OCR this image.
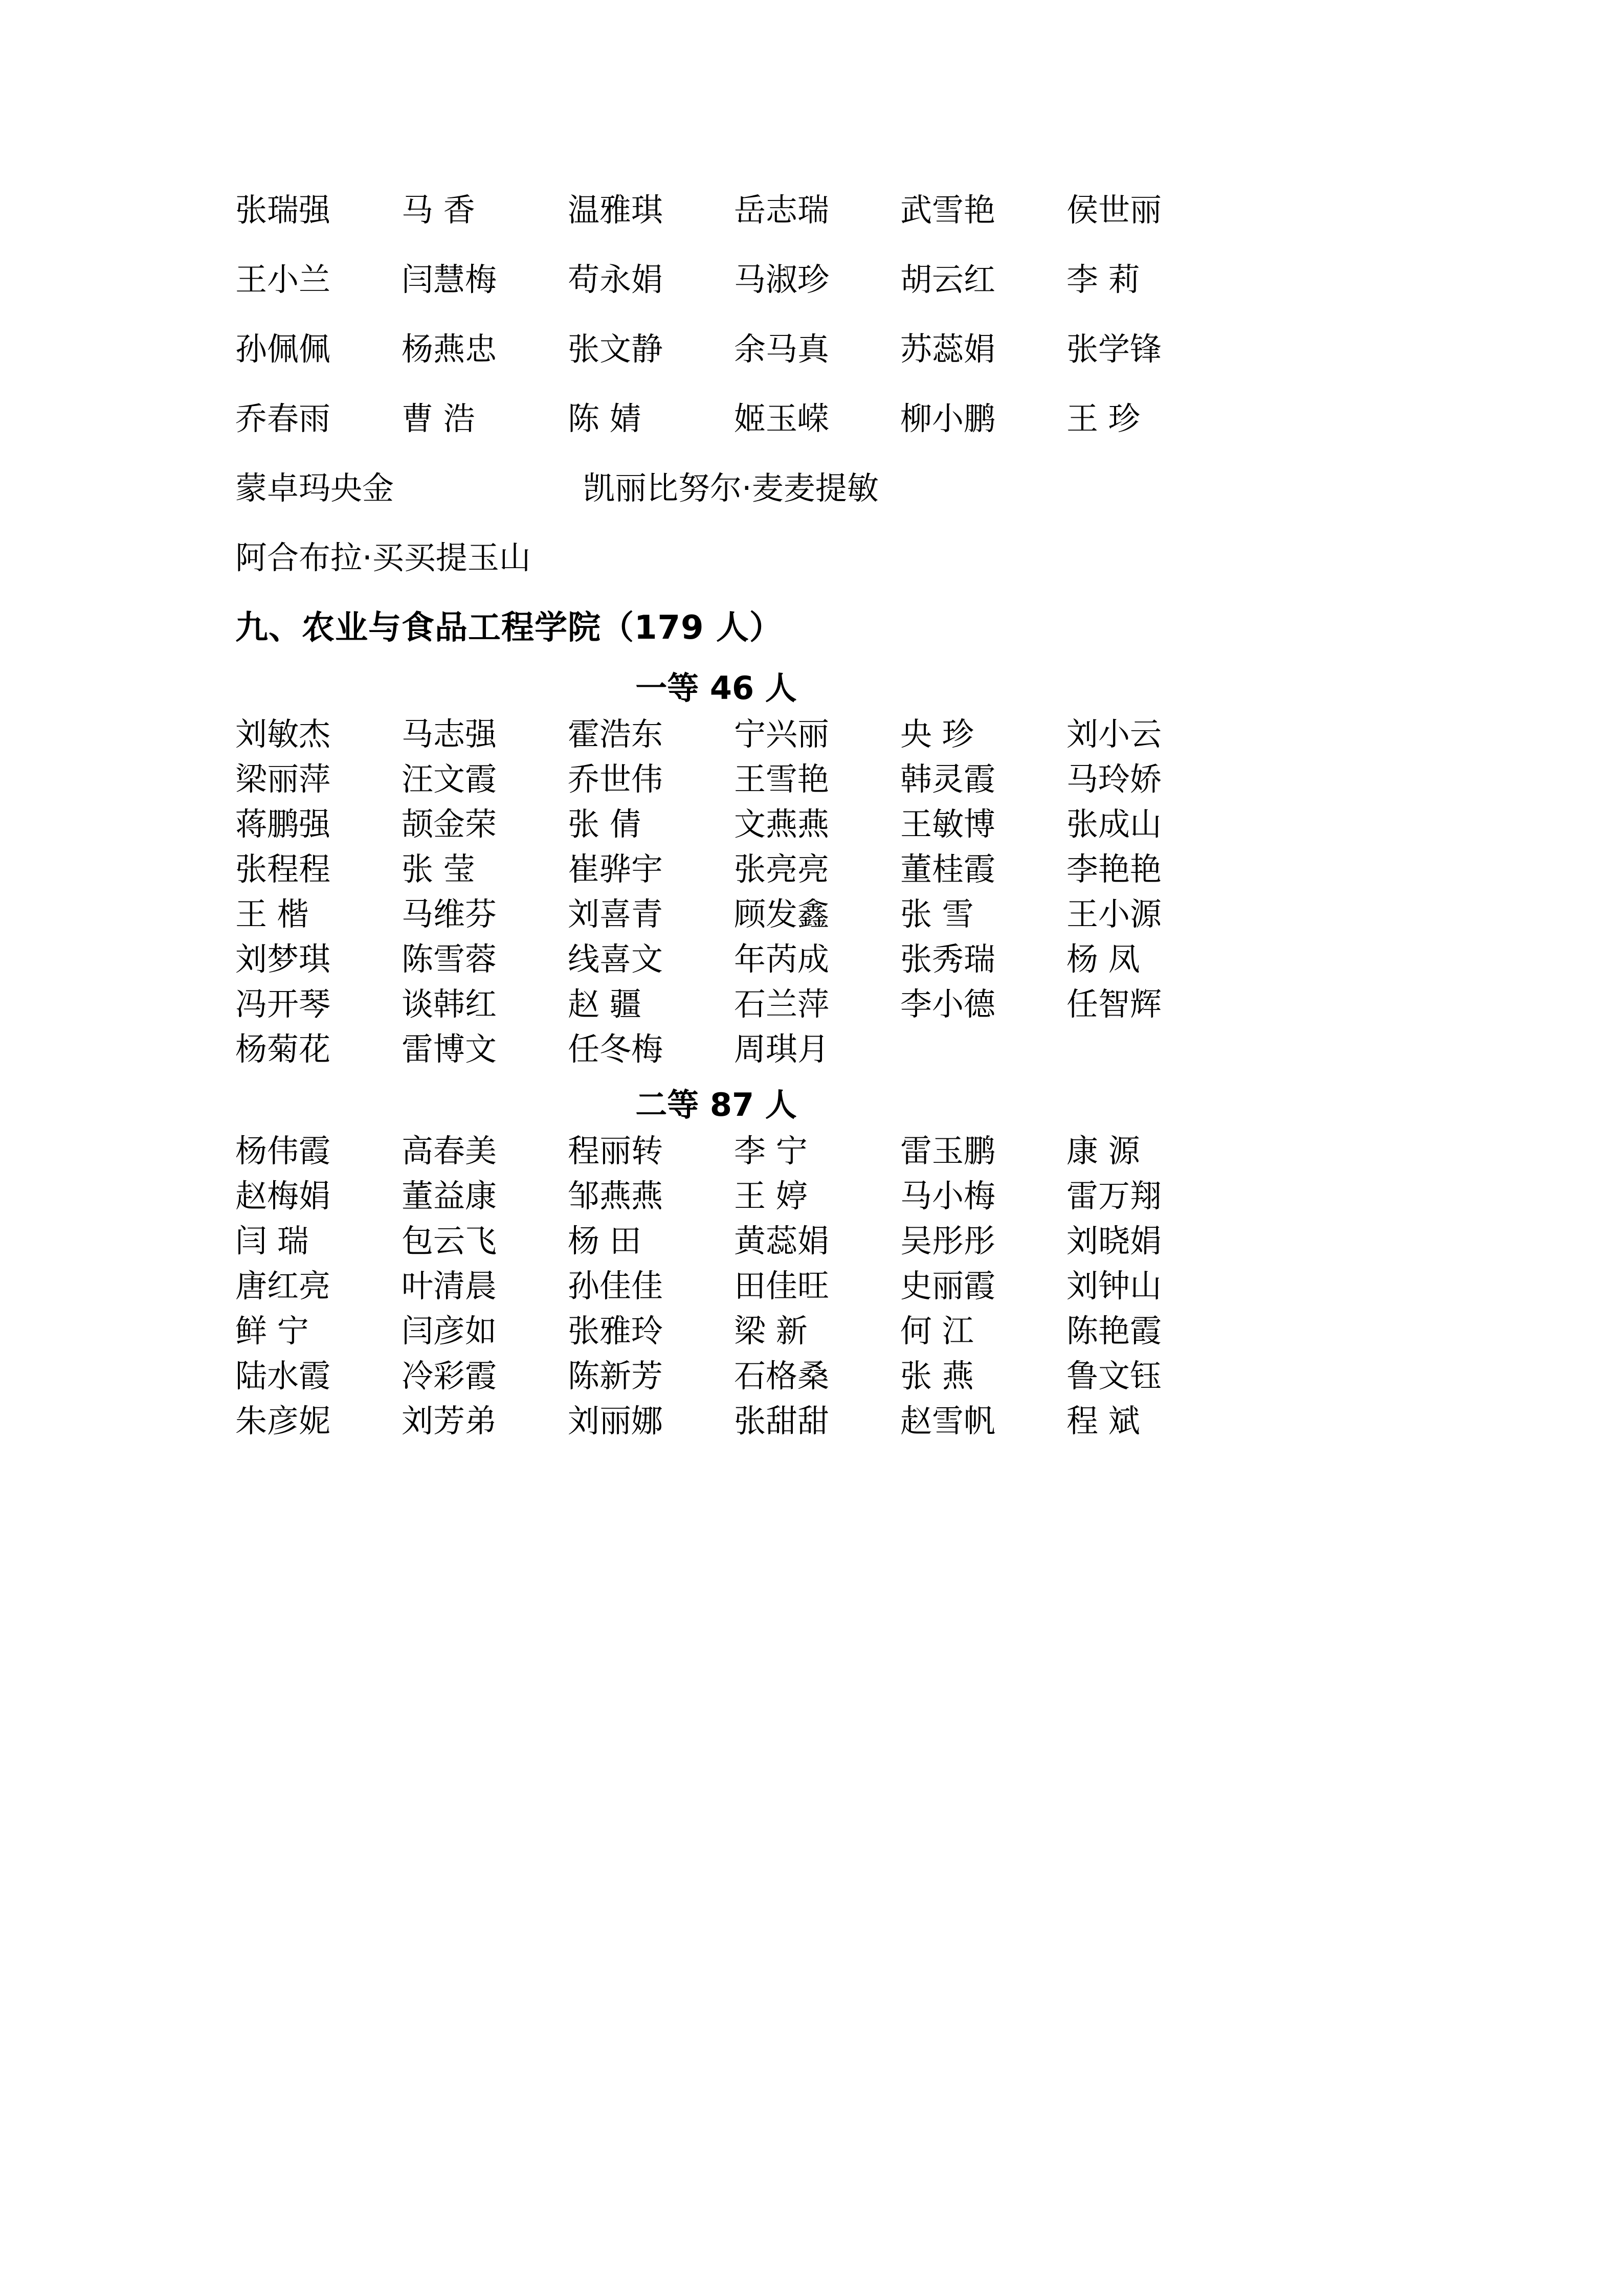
张瑞强	马 香	温雅琪	岳志瑞	武雪艳	侯世丽
王小兰	闫慧梅	苟永娟	马淑珍	胡云红	李 莉
孙佩佩	杨燕忠	张文静	余马真	苏蕊娟	张学锋
乔春雨	曹 浩	陈 婧	姬玉嵘	柳小鹏	王 珍
蒙卓玛央金	凯丽比努尔·麦麦提敏
阿合布拉·买买提玉山
九、农业与食品工程学院（179 人）
一等 46 人
刘敏杰	马志强	霍浩东	宁兴丽	央 珍	刘小云
梁丽萍	汪文霞	乔世伟	王雪艳	韩灵霞	马玲娇
蒋鹏强	颉金荣	张 倩	文燕燕	王敏博	张成山
张程程	张 莹	崔骅宇	张亮亮	董桂霞	李艳艳
王 楷	马维芬	刘喜青	顾发鑫	张 雪	王小源
刘梦琪	陈雪蓉	线喜文	年芮成	张秀瑞	杨 凤
冯开琴	谈韩红	赵 疆	石兰萍	李小德	任智辉
杨菊花	雷博文	任冬梅	周琪月
二等 87 人
杨伟霞	高春美	程丽转	李 宁	雷玉鹏	康 源
赵梅娟	董益康	邹燕燕	王 婷	马小梅	雷万翔
闫 瑞	包云飞	杨 田	黄蕊娟	吴彤彤	刘晓娟
唐红亮	叶清晨	孙佳佳	田佳旺	史丽霞	刘钟山
鲜 宁	闫彦如	张雅玲	梁 新	何 江	陈艳霞
陆水霞	冷彩霞	陈新芳	石格桑	张 燕	鲁文钰
朱彦妮	刘芳弟	刘丽娜	张甜甜	赵雪帆	程 斌
